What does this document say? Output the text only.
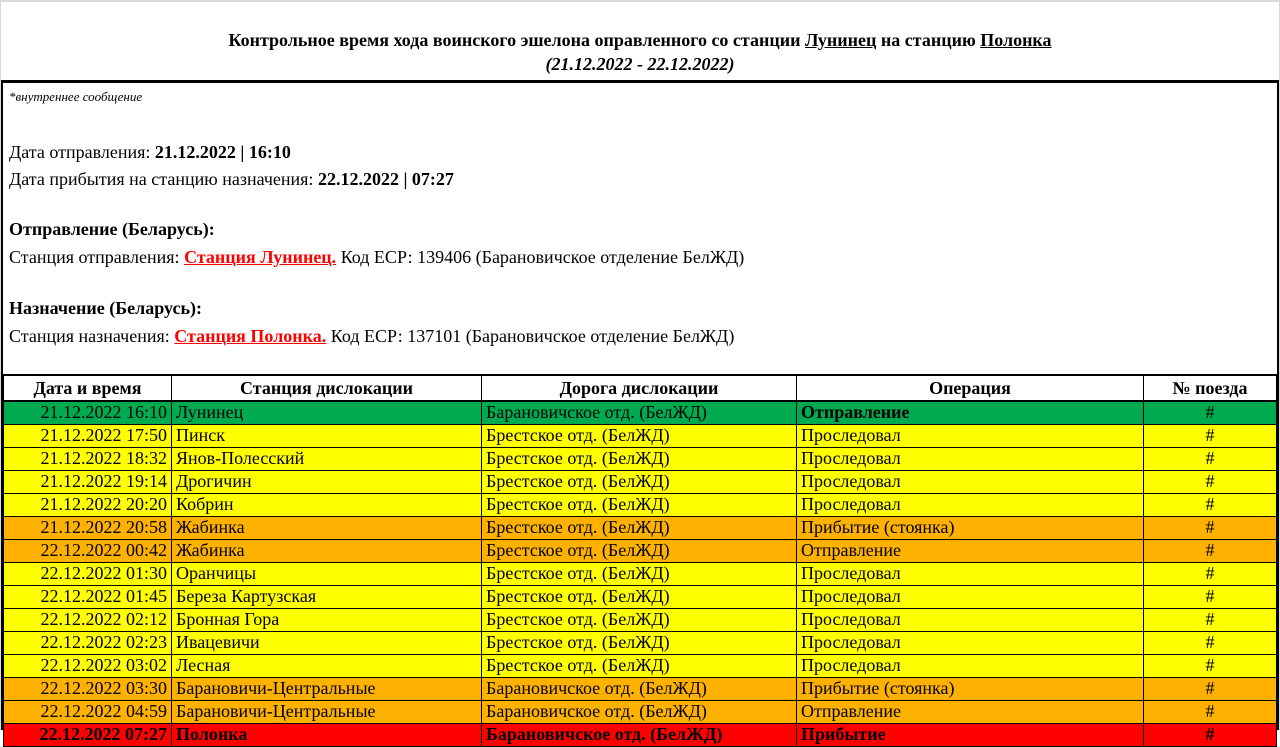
Контрольное время хода воинского эшелона оправленного со станции Лунинец на станцию Полонка
(21.12.2022 - 22.12.2022)
*внутреннее сообщение
Дата отправления: 21.12.2022 | 16:10
Дата прибытия на станцию назначения: 22.12.2022 | 07:27
Отправление (Беларусь):
Станция отправления: Станция Лунинец. Код ЕСР: 139406 (Барановичское отделение БелЖД)
Назначение (Беларусь):
Станция назначения: Станция Полонка. Код ЕСР: 137101 (Барановичское отделение БелЖД)
Дата и время	Станция дислокации	Дорога дислокации	Операция	№ поезда
21.12.2022 16:10	Лунинец	Барановичское отд. (БелЖД)	Отправление	#
21.12.2022 17:50	Пинск	Брестское отд. (БелЖД)	Проследовал	#
21.12.2022 18:32	Янов-Полесский	Брестское отд. (БелЖД)	Проследовал	#
21.12.2022 19:14	Дрогичин	Брестское отд. (БелЖД)	Проследовал	#
21.12.2022 20:20	Кобрин	Брестское отд. (БелЖД)	Проследовал	#
21.12.2022 20:58	Жабинка	Брестское отд. (БелЖД)	Прибытие (стоянка)	#
22.12.2022 00:42	Жабинка	Брестское отд. (БелЖД)	Отправление	#
22.12.2022 01:30	Оранчицы	Брестское отд. (БелЖД)	Проследовал	#
22.12.2022 01:45	Береза Картузская	Брестское отд. (БелЖД)	Проследовал	#
22.12.2022 02:12	Бронная Гора	Брестское отд. (БелЖД)	Проследовал	#
22.12.2022 02:23	Ивацевичи	Брестское отд. (БелЖД)	Проследовал	#
22.12.2022 03:02	Лесная	Брестское отд. (БелЖД)	Проследовал	#
22.12.2022 03:30	Барановичи-Центральные	Барановичское отд. (БелЖД)	Прибытие (стоянка)	#
22.12.2022 04:59	Барановичи-Центральные	Барановичское отд. (БелЖД)	Отправление	#
22.12.2022 07:27	Полонка	Барановичское отд. (БелЖД)	Прибытие	#
